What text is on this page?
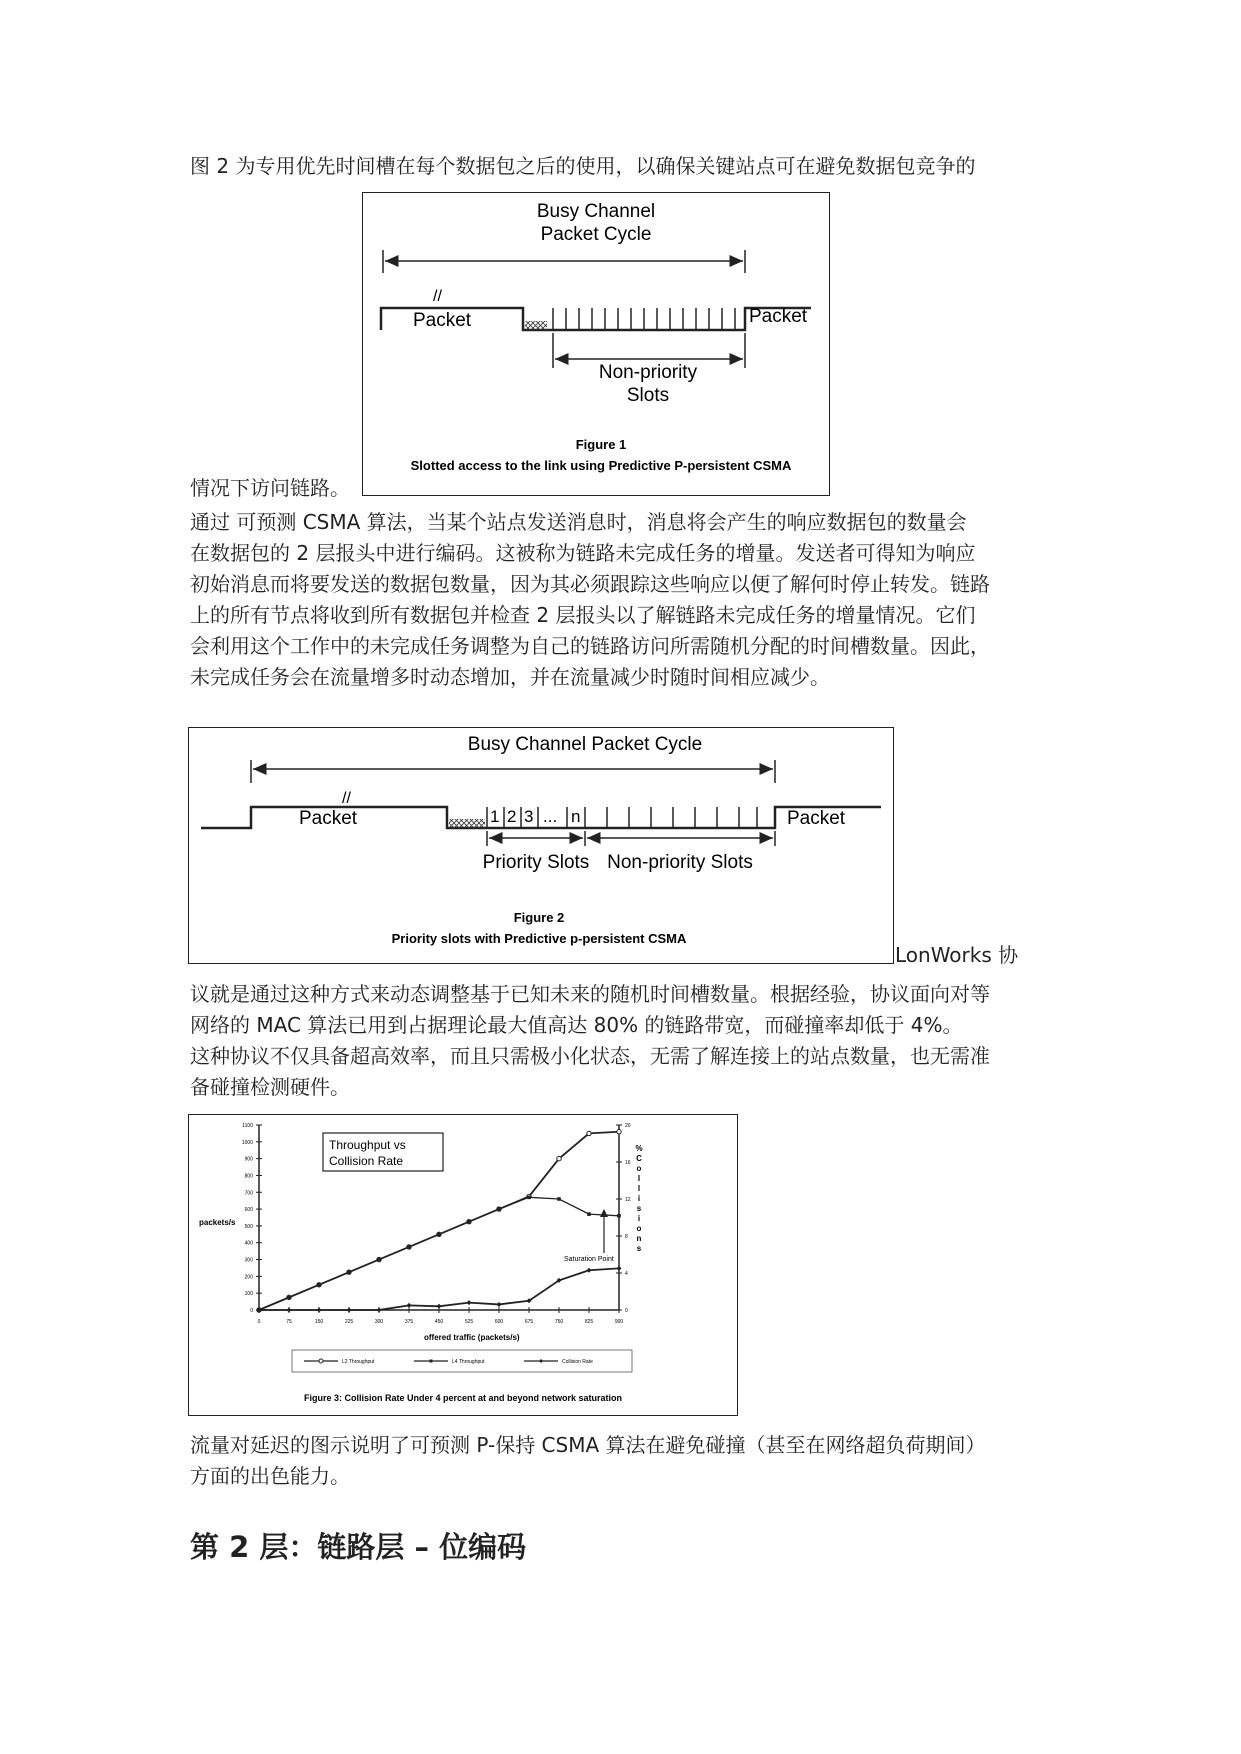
图 2 为专用优先时间槽在每个数据包之后的使用，以确保关键站点可在避免数据包竞争的

情况下访问链路。

Busy Channel
Packet Cycle
//
Packet	Packet
Non-priority
Slots
Figure 1
Slotted access to the link using Predictive P-persistent CSMA
通过 可预测 CSMA 算法，当某个站点发送消息时，消息将会产生的响应数据包的数量会
在数据包的 2 层报头中进行编码。这被称为链路未完成任务的增量。发送者可得知为响应
初始消息而将要发送的数据包数量，因为其必须跟踪这些响应以便了解何时停止转发。链路
上的所有节点将收到所有数据包并检查 2 层报头以了解链路未完成任务的增量情况。它们
会利用这个工作中的未完成任务调整为自己的链路访问所需随机分配的时间槽数量。因此，
未完成任务会在流量增多时动态增加，并在流量减少时随时间相应减少。
Busy Channel Packet Cycle
//
1 2 3 ... n
Packet	Packet
Priority Slots Non-priority Slots
Figure 2
Priority slots with Predictive p-persistent CSMA

LonWorks 协

议就是通过这种方式来动态调整基于已知未来的随机时间槽数量。根据经验，协议面向对等
网络的 MAC 算法已用到占据理论最大值高达 80% 的链路带宽，而碰撞率却低于 4%。
这种协议不仅具备超高效率，而且只需极小化状态，无需了解连接上的站点数量，也无需准
备碰撞检测硬件。
0
100
200
300
400
500
600
700
800
900
1000
1100
0
4
8
12
16
20
0	75	150	225	300	375	450	525	600	675	750	825	900
Throughput vs
Collision Rate
packets/s
offered traffic (packets/s)
%
C
o
l
l
i
s
i
o
n
s
Saturation Point
L2 Throughput	L4 Throughput	Collision Rate
Figure 3: Collision Rate Under 4 percent at and beyond network saturation
流量对延迟的图示说明了可预测 P-保持 CSMA 算法在避免碰撞（甚至在网络超负荷期间）
方面的出色能力。
第 2 层：链路层 – 位编码
